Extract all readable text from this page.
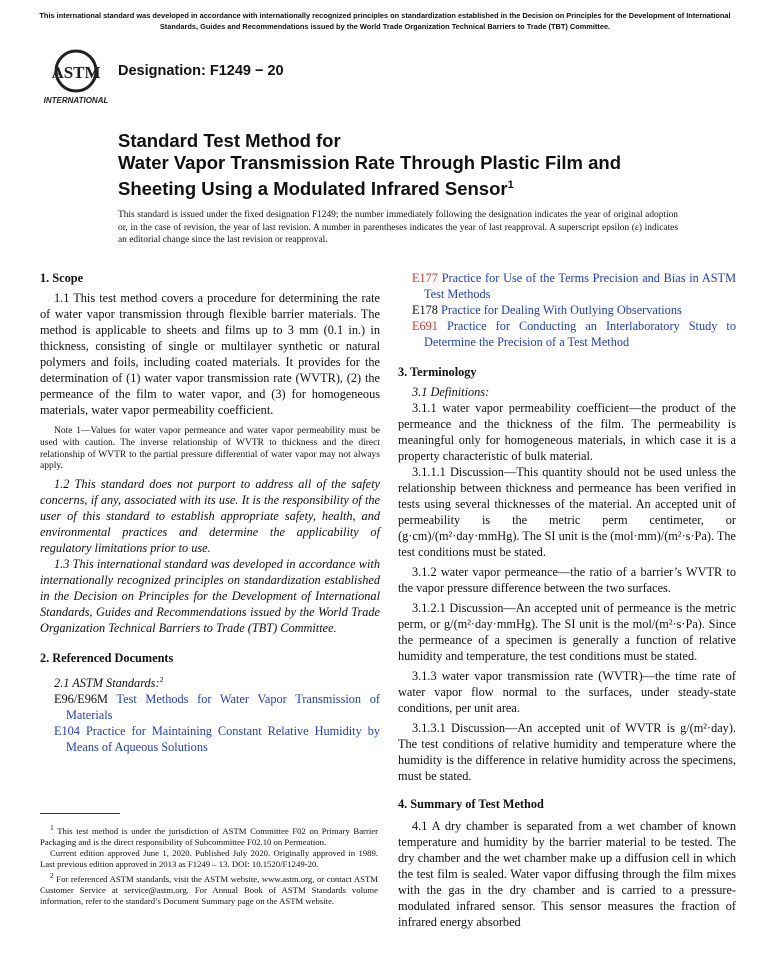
This international standard was developed in accordance with internationally recognized principles on standardization established in the Decision on Principles for the Development of International Standards, Guides and Recommendations issued by the World Trade Organization Technical Barriers to Trade (TBT) Committee.
ASTM
INTERNATIONAL
Designation: F1249 − 20
Standard Test Method for
Water Vapor Transmission Rate Through Plastic Film and
Sheeting Using a Modulated Infrared Sensor$^1$
This standard is issued under the fixed designation F1249; the number immediately following the designation indicates the year of original adoption or, in the case of revision, the year of last revision. A number in parentheses indicates the year of last reapproval. A superscript epsilon (ε) indicates an editorial change since the last revision or reapproval.
1. Scope

1.1 This test method covers a procedure for determining the rate of water vapor transmission through flexible barrier materials. The method is applicable to sheets and films up to 3 mm (0.1 in.) in thickness, consisting of single or multilayer synthetic or natural polymers and foils, including coated materials. It provides for the determination of (1) water vapor transmission rate (WVTR), (2) the permeance of the film to water vapor, and (3) for homogeneous materials, water vapor permeability coefficient.

Note 1—Values for water vapor permeance and water vapor permeability must be used with caution. The inverse relationship of WVTR to thickness and the direct relationship of WVTR to the partial pressure differential of water vapor may not always apply.

1.2 This standard does not purport to address all of the safety concerns, if any, associated with its use. It is the responsibility of the user of this standard to establish appropriate safety, health, and environmental practices and determine the applicability of regulatory limitations prior to use.

1.3 This international standard was developed in accordance with internationally recognized principles on standardization established in the Decision on Principles for the Development of International Standards, Guides and Recommendations issued by the World Trade Organization Technical Barriers to Trade (TBT) Committee.

2. Referenced Documents

2.1 ASTM Standards:$^2$

E96/E96M Test Methods for Water Vapor Transmission of Materials

E104 Practice for Maintaining Constant Relative Humidity by Means of Aqueous Solutions

$^1$ This test method is under the jurisdiction of ASTM Committee F02 on Primary Barrier Packaging and is the direct responsibility of Subcommittee F02.10 on Permeation.

Current edition approved June 1, 2020. Published July 2020. Originally approved in 1989. Last previous edition approved in 2013 as F1249 – 13. DOI: 10.1520/F1249-20.

$^2$ For referenced ASTM standards, visit the ASTM website, www.astm.org, or contact ASTM Customer Service at service@astm.org. For Annual Book of ASTM Standards volume information, refer to the standard’s Document Summary page on the ASTM website.

E177 Practice for Use of the Terms Precision and Bias in ASTM Test Methods

E178 Practice for Dealing With Outlying Observations

E691 Practice for Conducting an Interlaboratory Study to Determine the Precision of a Test Method

3. Terminology

3.1 Definitions:

3.1.1 water vapor permeability coefficient—the product of the permeance and the thickness of the film. The permeability is meaningful only for homogeneous materials, in which case it is a property characteristic of bulk material.

3.1.1.1 Discussion—This quantity should not be used unless the relationship between thickness and permeance has been verified in tests using several thicknesses of the material. An accepted unit of permeability is the metric perm centimeter, or (g·cm)/(m²·day·mmHg). The SI unit is the (mol·mm)/(m²·s·Pa). The test conditions must be stated.

3.1.2 water vapor permeance—the ratio of a barrier’s WVTR to the vapor pressure difference between the two surfaces.

3.1.2.1 Discussion—An accepted unit of permeance is the metric perm, or g/(m²·day·mmHg). The SI unit is the mol/(m²·s·Pa). Since the permeance of a specimen is generally a function of relative humidity and temperature, the test conditions must be stated.

3.1.3 water vapor transmission rate (WVTR)—the time rate of water vapor flow normal to the surfaces, under steady-state conditions, per unit area.

3.1.3.1 Discussion—An accepted unit of WVTR is g/(m²·day). The test conditions of relative humidity and temperature where the humidity is the difference in relative humidity across the specimens, must be stated.

4. Summary of Test Method

4.1 A dry chamber is separated from a wet chamber of known temperature and humidity by the barrier material to be tested. The dry chamber and the wet chamber make up a diffusion cell in which the test film is sealed. Water vapor diffusing through the film mixes with the gas in the dry chamber and is carried to a pressure-modulated infrared sensor. This sensor measures the fraction of infrared energy absorbed
